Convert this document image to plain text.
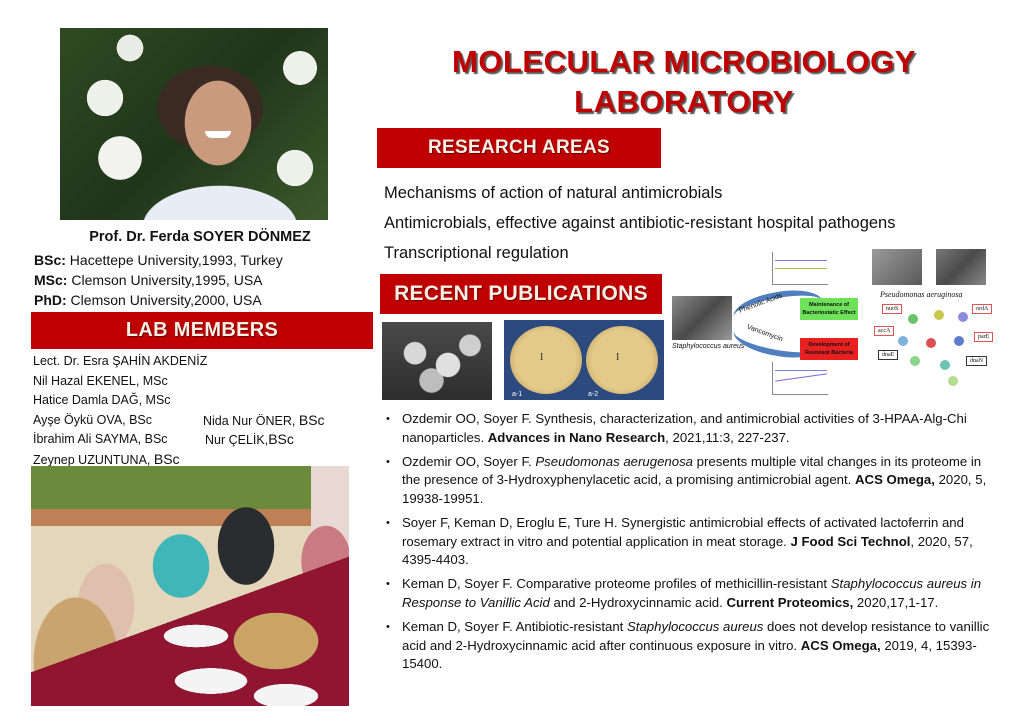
MOLECULAR MICROBIOLOGY
LABORATORY
Prof. Dr. Ferda SOYER DÖNMEZ
BSc: Hacettepe University,1993, Turkey
MSc: Clemson University,1995, USA
PhD: Clemson University,2000, USA
LAB MEMBERS
Lect. Dr. Esra ŞAHİN AKDENİZ
Nil Hazal EKENEL, MSc
Hatice Damla DAĞ, MSc
Ayşe Öykü OVA, BSc	Nida Nur ÖNER, BSc
İbrahim Ali SAYMA, BSc	Nur ÇELİK,BSc
Zeynep UZUNTUNA, BSc
RESEARCH AREAS
Mechanisms of action of natural antimicrobials
Antimicrobials, effective against antibiotic-resistant hospital pathogens
Transcriptional regulation
RECENT PUBLICATIONS
I	I
a-1	a-2
Staphylococcus aureus
Phenolic Acids
Vancomycin
Maintenance of Bacteriostatic Effect
Development of Resistant Bacteria
Pseudomonas aeruginosa
nuoS	ordA
accA
parE
dnaE
dnaN
• Ozdemir OO, Soyer F. Synthesis, characterization, and antimicrobial activities of 3-HPAA-Alg-Chi nanoparticles. Advances in Nano Research, 2021,11:3, 227-237.
• Ozdemir OO, Soyer F. Pseudomonas aerugenosa presents multiple vital changes in its proteome in the presence of 3-Hydroxyphenylacetic acid, a promising antimicrobial agent. ACS Omega, 2020, 5, 19938-19951.
• Soyer F, Keman D, Eroglu E, Ture H. Synergistic antimicrobial effects of activated lactoferrin and rosemary extract in vitro and potential application in meat storage. J Food Sci Technol, 2020, 57, 4395-4403.
• Keman D, Soyer F. Comparative proteome profiles of methicillin-resistant Staphylococcus aureus in Response to Vanillic Acid and 2-Hydroxycinnamic acid. Current Proteomics, 2020,17,1-17.
• Keman D, Soyer F. Antibiotic-resistant Staphylococcus aureus does not develop resistance to vanillic acid and 2-Hydroxycinnamic acid after continuous exposure in vitro. ACS Omega, 2019, 4, 15393-15400.
